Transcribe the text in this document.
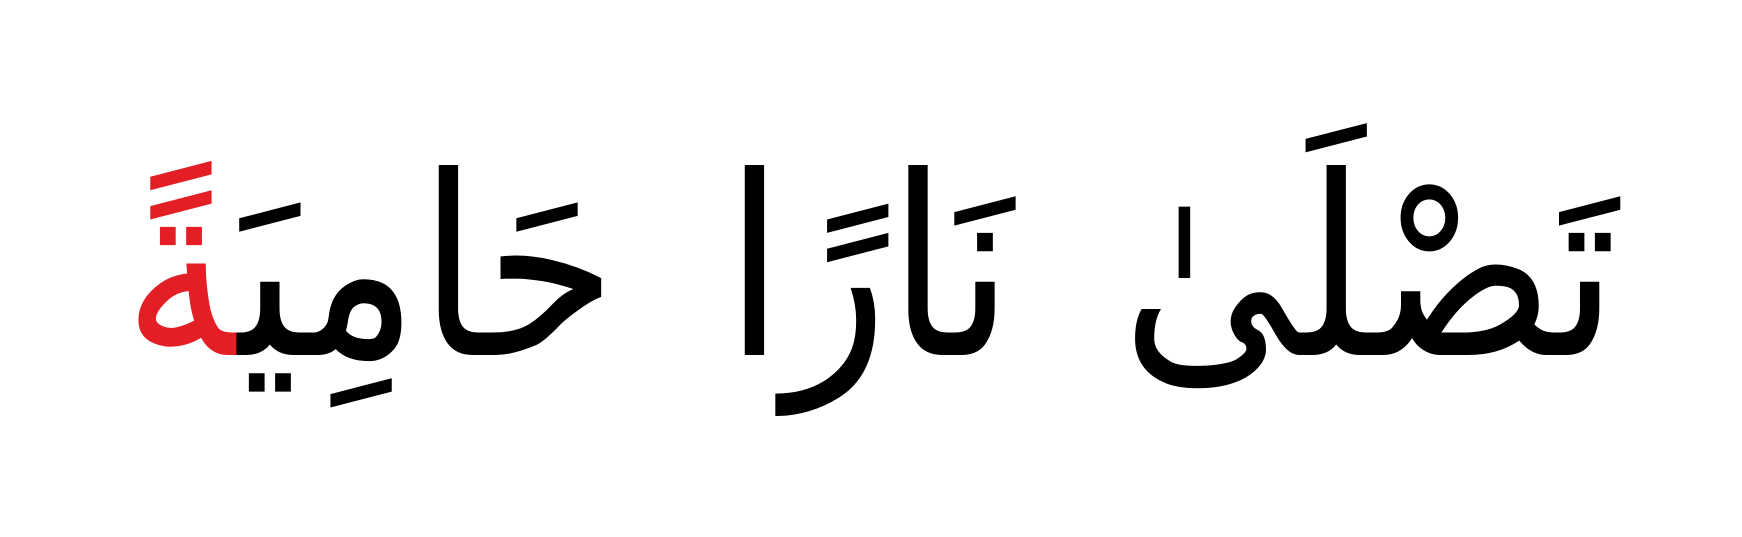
تَصْلَىٰ
نَارًا
حَامِيَةً
